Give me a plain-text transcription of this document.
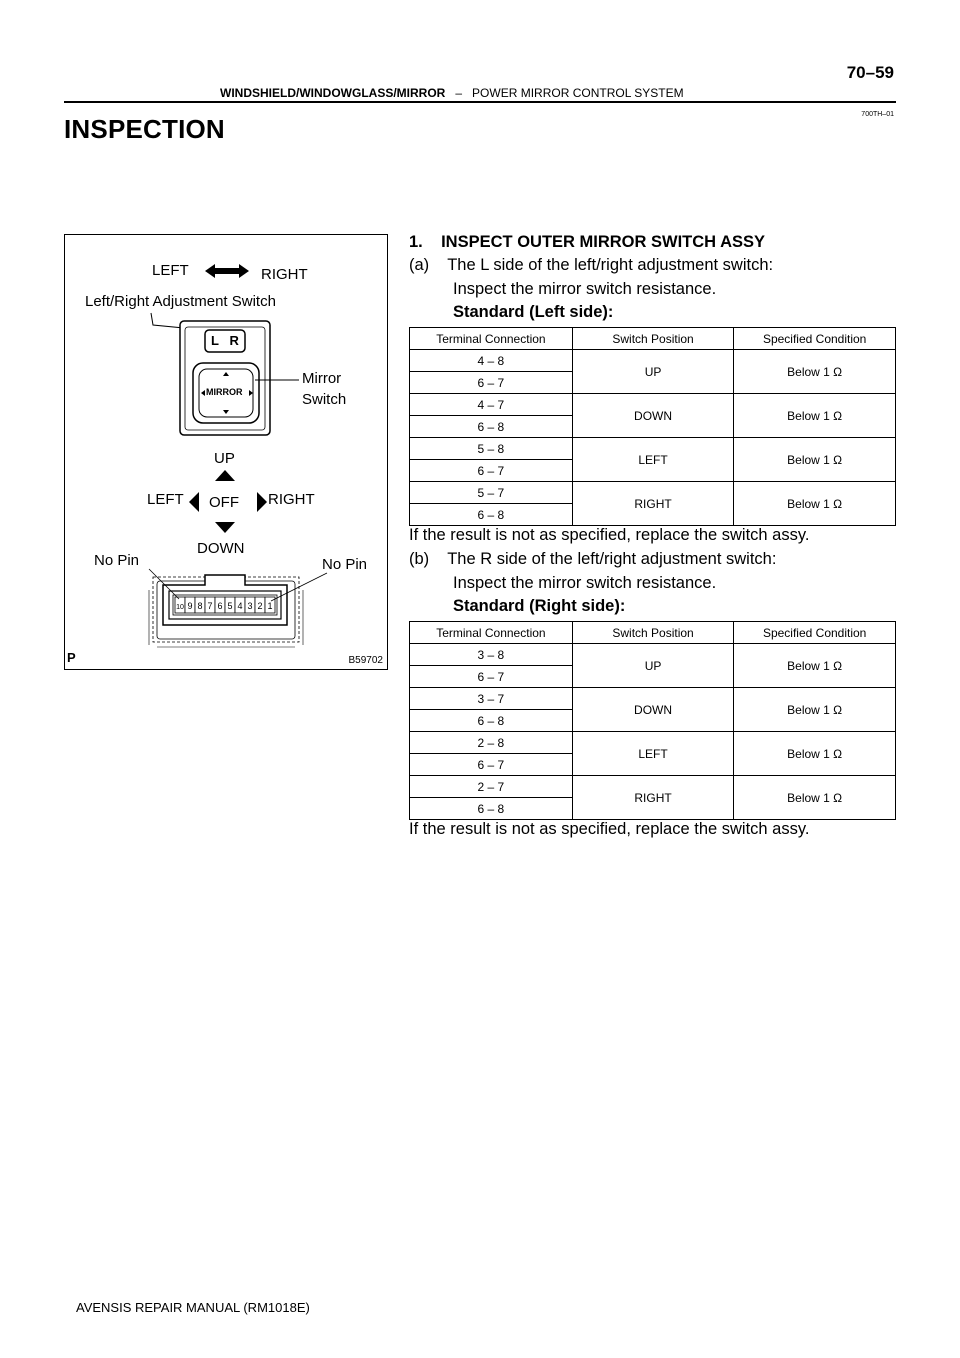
70–59
WINDSHIELD/WINDOWGLASS/MIRROR – POWER MIRROR CONTROL SYSTEM
700TH–01
INSPECTION
10 9 8 7 6 5 4 3 2 1
LEFT	RIGHT
Left/Right Adjustment Switch
L   R
MIRROR
Mirror
Switch
UP
LEFT OFF RIGHT
DOWN
No Pin	No Pin
B59702
P
1.    INSPECT OUTER MIRROR SWITCH ASSY
(a)    The L side of the left/right adjustment switch:
Inspect the mirror switch resistance.
Standard (Left side):
Terminal Connection	Switch Position	Specified Condition
4 – 8	UP	Below 1 Ω
6 – 7		
4 – 7	DOWN	Below 1 Ω
6 – 8		
5 – 8	LEFT	Below 1 Ω
6 – 7		
5 – 7	RIGHT	Below 1 Ω
6 – 8		
If the result is not as specified, replace the switch assy.
(b)    The R side of the left/right adjustment switch:
Inspect the mirror switch resistance.
Standard (Right side):
Terminal Connection	Switch Position	Specified Condition
3 – 8	UP	Below 1 Ω
6 – 7		
3 – 7	DOWN	Below 1 Ω
6 – 8		
2 – 8	LEFT	Below 1 Ω
6 – 7		
2 – 7	RIGHT	Below 1 Ω
6 – 8		
If the result is not as specified, replace the switch assy.
AVENSIS REPAIR MANUAL (RM1018E)
